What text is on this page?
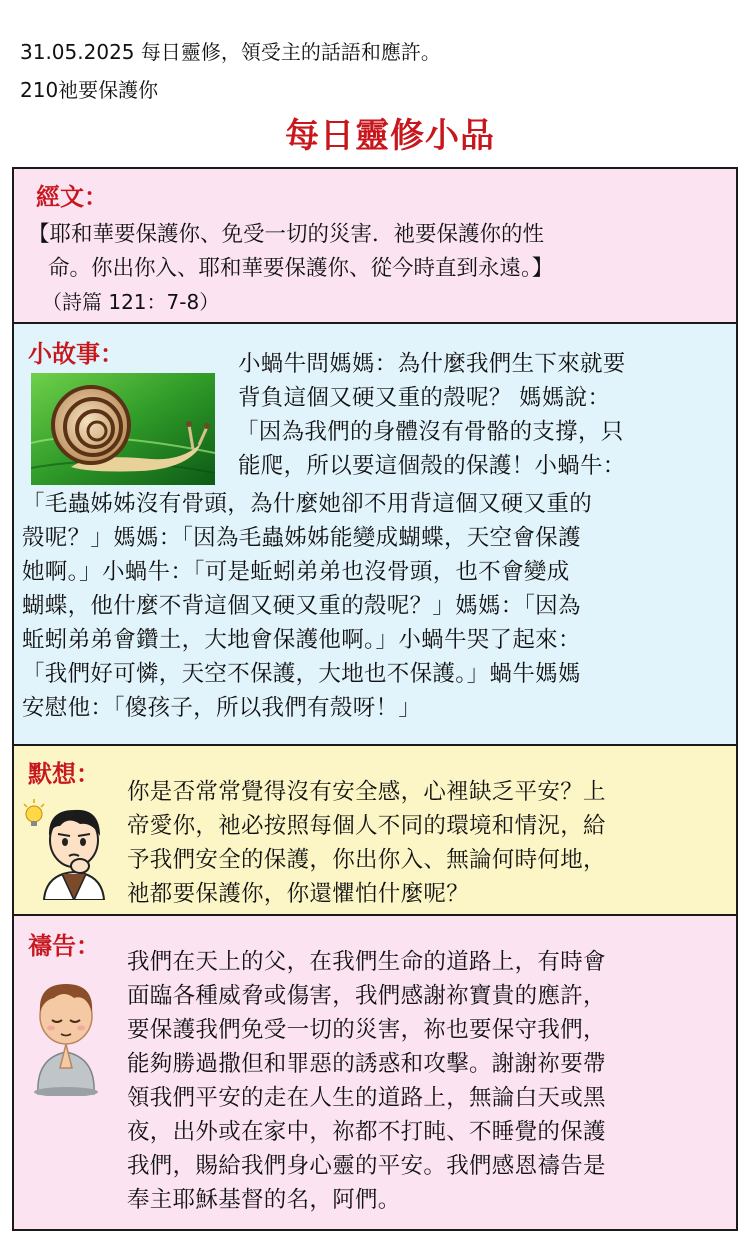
31.05.2025 每日靈修，領受主的話語和應許。
210祂要保護你
每日靈修小品
經文：
【耶和華要保護你、免受一切的災害．祂要保護你的性
命。你出你入、耶和華要保護你、從今時直到永遠。】
（詩篇 121：7-8）
小故事：	小蝸牛問媽媽：為什麼我們生下來就要
背負這個又硬又重的殼呢？ 媽媽說：
「因為我們的身體沒有骨骼的支撐，只
能爬，所以要這個殼的保護！小蝸牛：
「毛蟲姊姊沒有骨頭，為什麼她卻不用背這個又硬又重的
殼呢？」媽媽：「因為毛蟲姊姊能變成蝴蝶，天空會保護
她啊。」小蝸牛：「可是蚯蚓弟弟也沒骨頭，也不會變成
蝴蝶，他什麼不背這個又硬又重的殼呢？」媽媽：「因為
蚯蚓弟弟會鑽土，大地會保護他啊。」小蝸牛哭了起來：
「我們好可憐，天空不保護，大地也不保護。」蝸牛媽媽
安慰他：「傻孩子，所以我們有殼呀！」
默想：
你是否常常覺得沒有安全感，心裡缺乏平安？上
帝愛你，祂必按照每個人不同的環境和情況，給
予我們安全的保護，你出你入、無論何時何地，
祂都要保護你，你還懼怕什麼呢？
禱告：
我們在天上的父，在我們生命的道路上，有時會
面臨各種威脅或傷害，我們感謝祢寶貴的應許，
要保護我們免受一切的災害，祢也要保守我們，
能夠勝過撒但和罪惡的誘惑和攻擊。謝謝祢要帶
領我們平安的走在人生的道路上，無論白天或黑
夜，出外或在家中，祢都不打盹、不睡覺的保護
我們，賜給我們身心靈的平安。我們感恩禱告是
奉主耶穌基督的名，阿們。
